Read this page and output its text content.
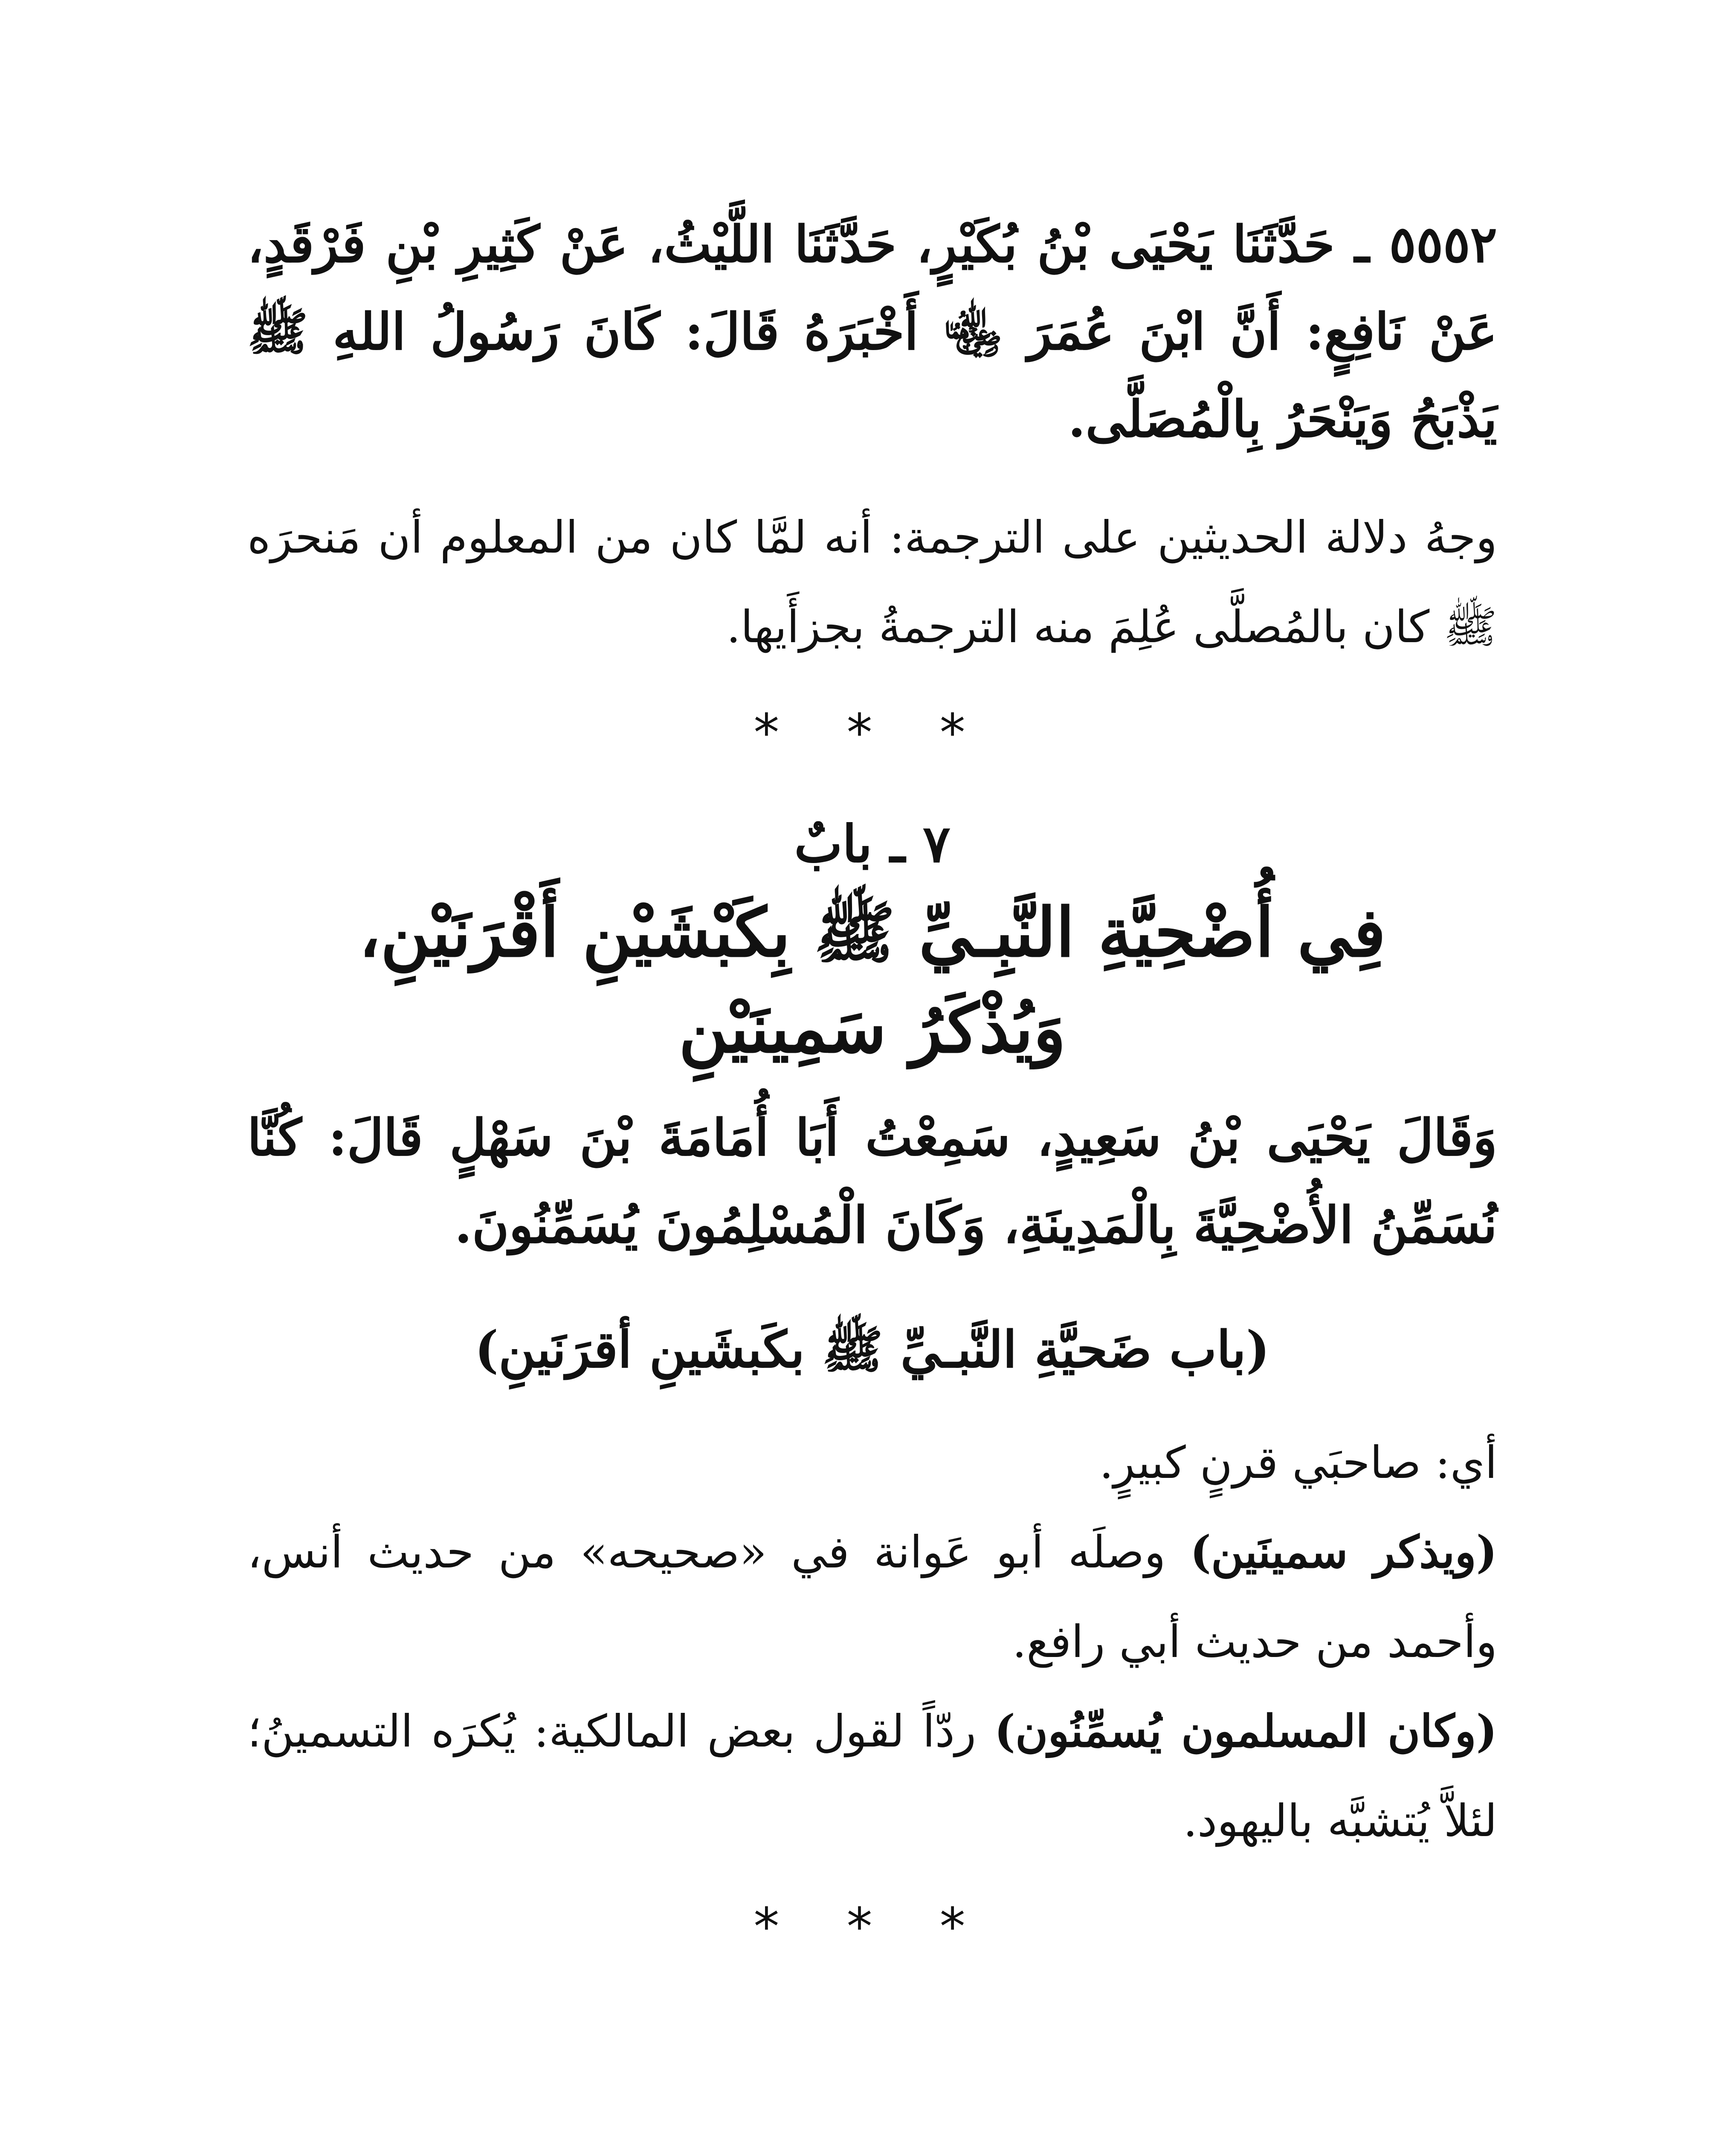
٥٥٥٢ ـ حَدَّثَنَا يَحْيَى بْنُ بُكَيْرٍ، حَدَّثَنَا اللَّيْثُ، عَنْ كَثِيرِ بْنِ فَرْقَدٍ، عَنْ نَافِعٍ: أَنَّ ابْنَ عُمَرَ ﵄ أَخْبَرَهُ قَالَ: كَانَ رَسُولُ اللهِ ﷺ يَذْبَحُ وَيَنْحَرُ بِالْمُصَلَّى.

وجهُ دلالة الحديثين على الترجمة: أنه لمَّا كان من المعلوم أن مَنحرَه ﷺ كان بالمُصلَّى عُلِمَ منه الترجمةُ بجزأَيها.

* * *

٧ ـ بابٌ

فِي أُضْحِيَّةِ النَّبِـيِّ ﷺ بِكَبْشَيْنِ أَقْرَنَيْنِ،
وَيُذْكَرُ سَمِينَيْنِ

وَقَالَ يَحْيَى بْنُ سَعِيدٍ، سَمِعْتُ أَبَا أُمَامَةَ بْنَ سَهْلٍ قَالَ: كُنَّا نُسَمِّنُ الأُضْحِيَّةَ بِالْمَدِينَةِ، وَكَانَ الْمُسْلِمُونَ يُسَمِّنُونَ.

(باب ضَحيَّةِ النَّبـيِّ ﷺ بكَبشَينِ أقرَنَينِ)

أي: صاحبَي قرنٍ كبيرٍ.

(ويذكر سمينَين) وصلَه أبو عَوانة في «صحيحه» من حديث أنس، وأحمد من حديث أبي رافع.

(وكان المسلمون يُسمِّنُون) ردّاً لقول بعض المالكية: يُكرَه التسمينُ؛ لئلاَّ يُتشبَّه باليهود.

* * *
